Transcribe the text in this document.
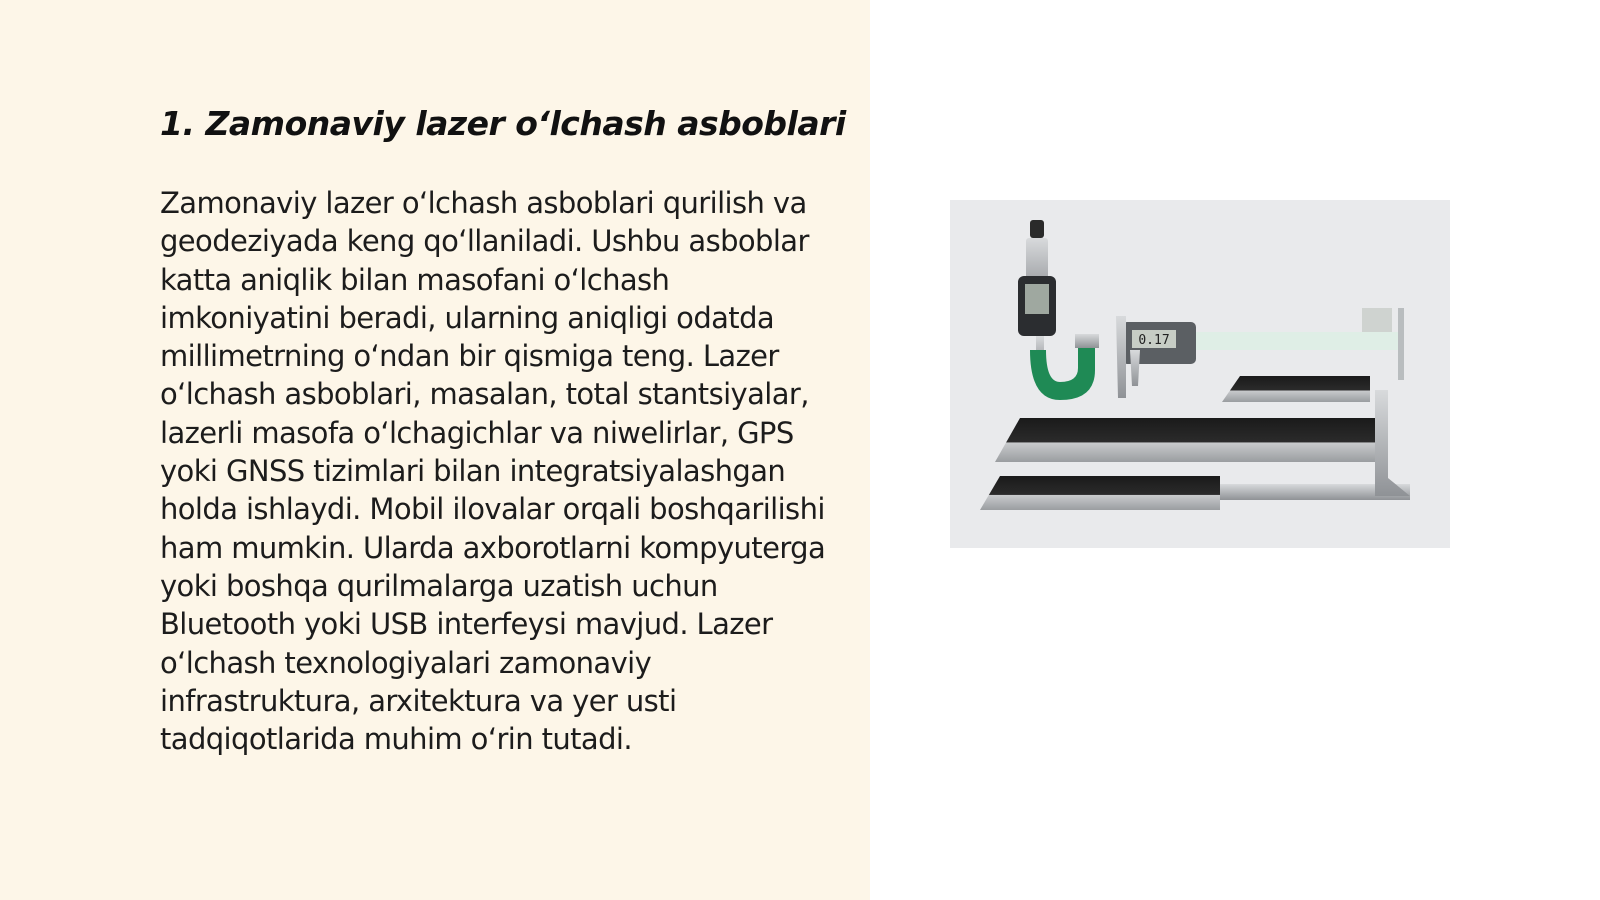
1. Zamonaviy lazer o‘lchash asboblari

Zamonaviy lazer o‘lchash asboblari qurilish va geodeziyada keng qo‘llaniladi. Ushbu asboblar katta aniqlik bilan masofani o‘lchash imkoniyatini beradi, ularning aniqligi odatda millimetrning o‘ndan bir qismiga teng. Lazer o‘lchash asboblari, masalan, total stantsiyalar, lazerli masofa o‘lchagichlar va niwelirlar, GPS yoki GNSS tizimlari bilan integratsiyalashgan holda ishlaydi. Mobil ilovalar orqali boshqarilishi ham mumkin. Ularda axborotlarni kompyuterga yoki boshqa qurilmalarga uzatish uchun Bluetooth yoki USB interfeysi mavjud. Lazer o‘lchash texnologiyalari zamonaviy infrastruktura, arxitektura va yer usti tadqiqotlarida muhim o‘rin tutadi.

0.17
